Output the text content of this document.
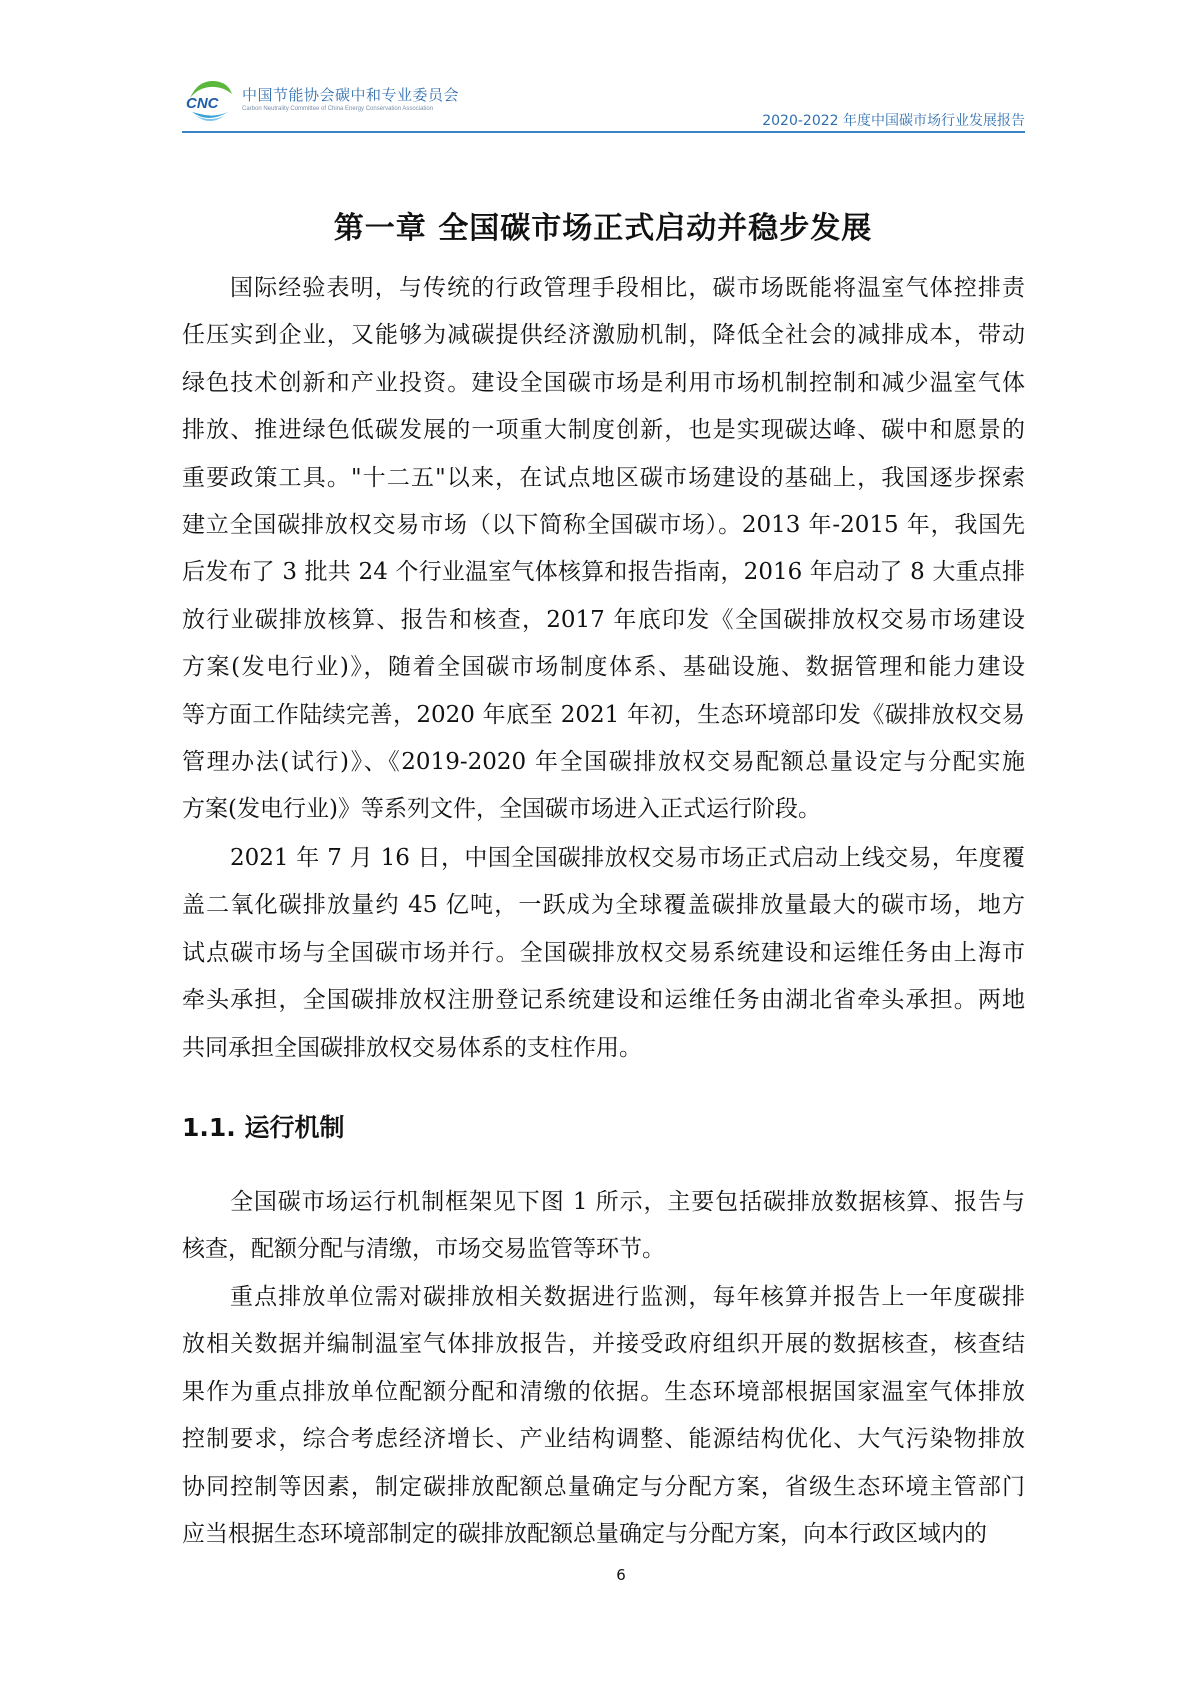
CNC 中国节能协会碳中和专业委员会
Carbon Neutrality Committee of China Energy Conservation Association
2020-2022 年度中国碳市场行业发展报告
第一章 全国碳市场正式启动并稳步发展
国际经验表明，与传统的行政管理手段相比，碳市场既能将温室气体控排责
任压实到企业，又能够为减碳提供经济激励机制，降低全社会的减排成本，带动
绿色技术创新和产业投资。建设全国碳市场是利用市场机制控制和减少温室气体
排放、推进绿色低碳发展的一项重大制度创新，也是实现碳达峰、碳中和愿景的
重要政策工具。"十二五"以来，在试点地区碳市场建设的基础上，我国逐步探索
建立全国碳排放权交易市场（以下简称全国碳市场）。2013 年-2015 年，我国先
后发布了 3 批共 24 个行业温室气体核算和报告指南，2016 年启动了 8 大重点排
放行业碳排放核算、报告和核查，2017 年底印发《全国碳排放权交易市场建设
方案(发电行业)》，随着全国碳市场制度体系、基础设施、数据管理和能力建设
等方面工作陆续完善，2020 年底至 2021 年初，生态环境部印发《碳排放权交易
管理办法(试行)》、《2019-2020 年全国碳排放权交易配额总量设定与分配实施
方案(发电行业)》等系列文件，全国碳市场进入正式运行阶段。
2021 年 7 月 16 日，中国全国碳排放权交易市场正式启动上线交易，年度覆
盖二氧化碳排放量约 45 亿吨，一跃成为全球覆盖碳排放量最大的碳市场，地方
试点碳市场与全国碳市场并行。全国碳排放权交易系统建设和运维任务由上海市
牵头承担，全国碳排放权注册登记系统建设和运维任务由湖北省牵头承担。两地
共同承担全国碳排放权交易体系的支柱作用。
1.1. 运行机制
全国碳市场运行机制框架见下图 1 所示，主要包括碳排放数据核算、报告与
核查，配额分配与清缴，市场交易监管等环节。
重点排放单位需对碳排放相关数据进行监测，每年核算并报告上一年度碳排
放相关数据并编制温室气体排放报告，并接受政府组织开展的数据核查，核查结
果作为重点排放单位配额分配和清缴的依据。生态环境部根据国家温室气体排放
控制要求，综合考虑经济增长、产业结构调整、能源结构优化、大气污染物排放
协同控制等因素，制定碳排放配额总量确定与分配方案，省级生态环境主管部门
应当根据生态环境部制定的碳排放配额总量确定与分配方案，向本行政区域内的
6
